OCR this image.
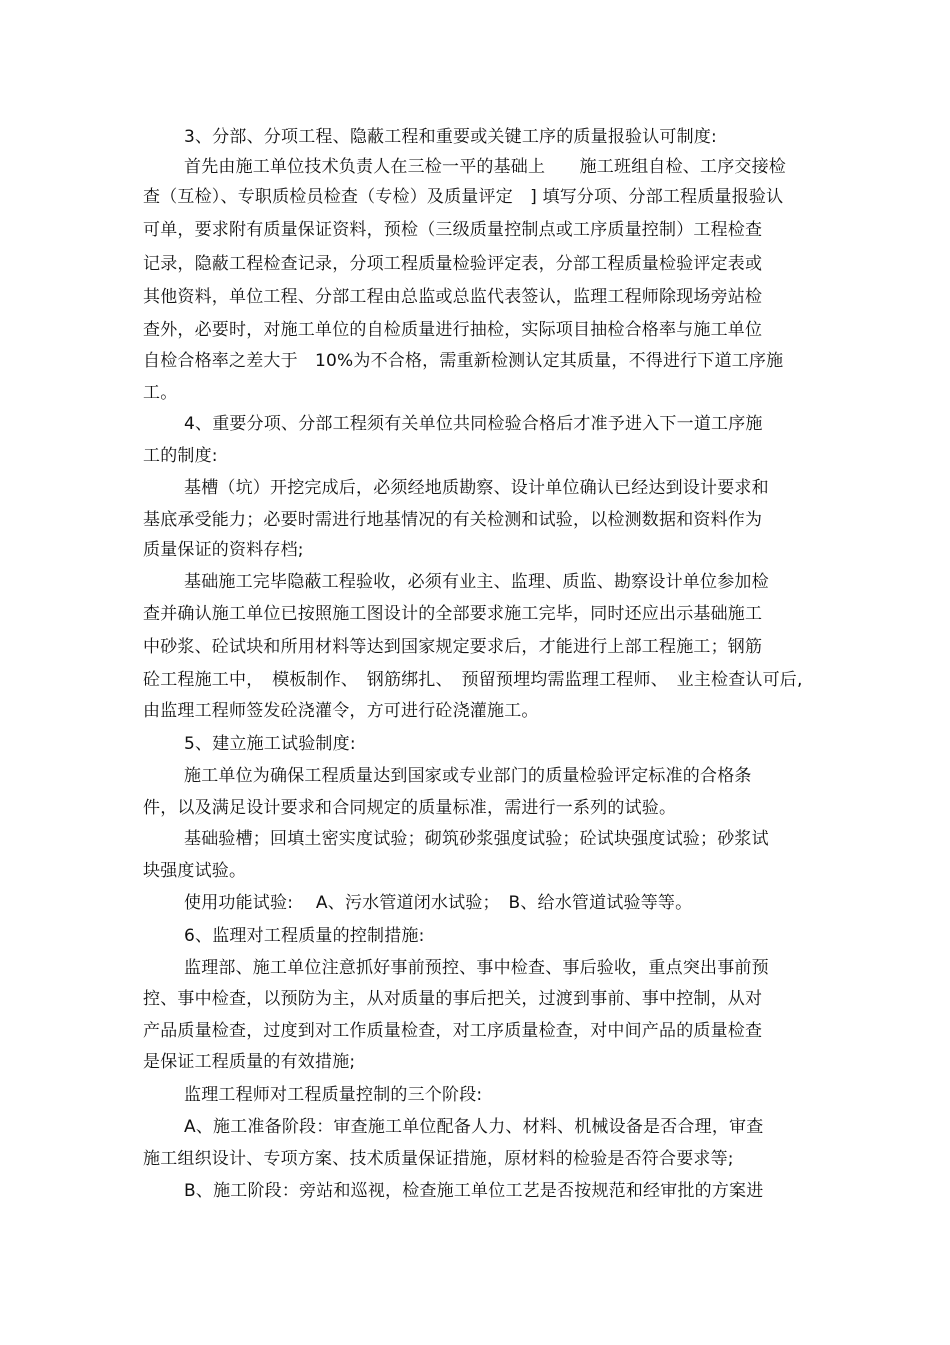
3、分部、分项工程、隐蔽工程和重要或关键工序的质量报验认可制度:
首先由施工单位技术负责人在三检一平的基础上　　施工班组自检、工序交接检
查（互检）、专职质检员检查（专检）及质量评定　] 填写分项、分部工程质量报验认
可单，要求附有质量保证资料，预检（三级质量控制点或工序质量控制）工程检查
记录，隐蔽工程检查记录，分项工程质量检验评定表，分部工程质量检验评定表或
其他资料，单位工程、分部工程由总监或总监代表签认，监理工程师除现场旁站检
查外，必要时，对施工单位的自检质量进行抽检，实际项目抽检合格率与施工单位
自检合格率之差大于　10%为不合格，需重新检测认定其质量，不得进行下道工序施
工。
4、重要分项、分部工程须有关单位共同检验合格后才准予进入下一道工序施
工的制度:
基槽（坑）开挖完成后，必须经地质勘察、设计单位确认已经达到设计要求和
基底承受能力；必要时需进行地基情况的有关检测和试验，以检测数据和资料作为
质量保证的资料存档;
基础施工完毕隐蔽工程验收，必须有业主、监理、质监、勘察设计单位参加检
查并确认施工单位已按照施工图设计的全部要求施工完毕，同时还应出示基础施工
中砂浆、砼试块和所用材料等达到国家规定要求后，才能进行上部工程施工；钢筋
砼工程施工中，　模板制作、　钢筋绑扎、　预留预埋均需监理工程师、　业主检查认可后,
由监理工程师签发砼浇灌令，方可进行砼浇灌施工。
5、建立施工试验制度:
施工单位为确保工程质量达到国家或专业部门的质量检验评定标准的合格条
件，以及满足设计要求和合同规定的质量标准，需进行一系列的试验。
基础验槽；回填土密实度试验；砌筑砂浆强度试验；砼试块强度试验；砂浆试
块强度试验。
使用功能试验:　 A、污水管道闭水试验；　B、给水管道试验等等。
6、监理对工程质量的控制措施:
监理部、施工单位注意抓好事前预控、事中检查、事后验收，重点突出事前预
控、事中检查，以预防为主，从对质量的事后把关，过渡到事前、事中控制，从对
产品质量检查，过度到对工作质量检查，对工序质量检查，对中间产品的质量检查
是保证工程质量的有效措施;
监理工程师对工程质量控制的三个阶段:
A、施工准备阶段：审查施工单位配备人力、材料、机械设备是否合理，审查
施工组织设计、专项方案、技术质量保证措施，原材料的检验是否符合要求等;
B、施工阶段：旁站和巡视，检查施工单位工艺是否按规范和经审批的方案进
